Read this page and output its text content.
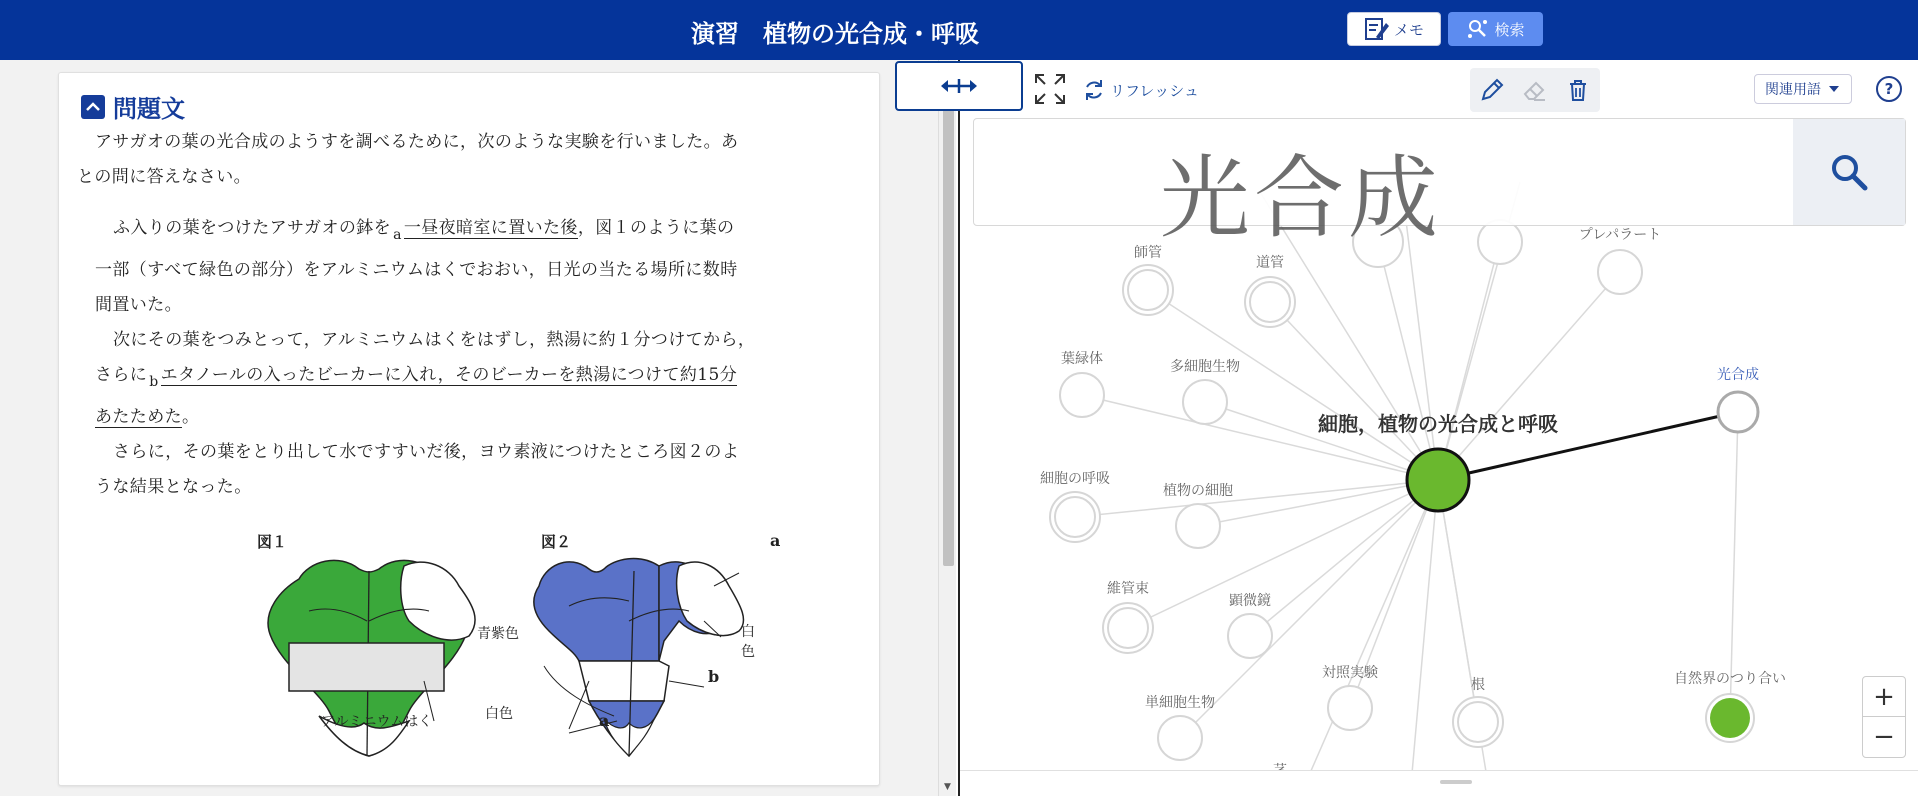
演習　植物の光合成・呼吸	メモ	検索
問題文
アサガオの葉の光合成のようすを調べるために，次のような実験を行いました。あ
との問に答えなさい。
ふ入りの葉をつけたアサガオの鉢を $_a$ 一昼夜暗室に置いた後，図１のように葉の
一部（すべて緑色の部分）をアルミニウムはくでおおい，日光の当たる場所に数時
間置いた。
次にその葉をつみとって，アルミニウムはくをはずし，熱湯に約１分つけてから，
さらに $_b$ エタノールの入ったビーカーに入れ，そのビーカーを熱湯につけて約15分
あたためた。
さらに，その葉をとり出して水ですすいだ後，ヨウ素液につけたところ図２のよ
うな結果となった。
図１	図２
アルミニウムはく
a
白色
青紫色
b
白色	a
▼
リフレッシュ	関連用語	?
細胞，植物の光合成と呼吸
光合成
自然界のつり合い
師管
道管
プレパラート
葉緑体	多細胞生物
細胞の呼吸
植物の細胞
維管束
顕微鏡
対照実験
根
単細胞生物
光合成
+
−
